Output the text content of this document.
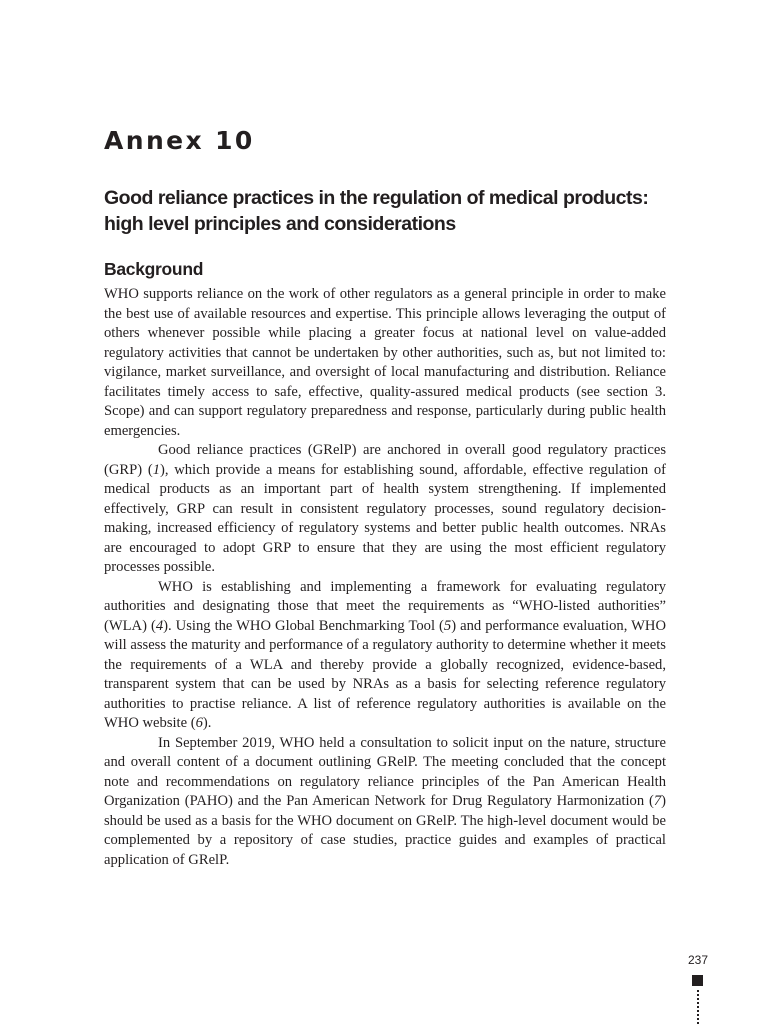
Annex 10
Good reliance practices in the regulation of medical products: high level principles and considerations
Background

WHO supports reliance on the work of other regulators as a general principle in order to make the best use of available resources and expertise. This principle allows leveraging the output of others whenever possible while placing a greater focus at national level on value-added regulatory activities that cannot be undertaken by other authorities, such as, but not limited to: vigilance, market surveillance, and oversight of local manufacturing and distribution. Reliance facilitates timely access to safe, effective, quality-assured medical products (see section 3. Scope) and can support regulatory preparedness and response, particularly during public health emergencies.

Good reliance practices (GRelP) are anchored in overall good regulatory practices (GRP) (1), which provide a means for establishing sound, affordable, effective regulation of medical products as an important part of health system strengthening. If implemented effectively, GRP can result in consistent regulatory processes, sound regulatory decision-making, increased efficiency of regulatory systems and better public health outcomes. NRAs are encouraged to adopt GRP to ensure that they are using the most efficient regulatory processes possible.

WHO is establishing and implementing a framework for evaluating regulatory authorities and designating those that meet the requirements as “WHO-listed authorities” (WLA) (4). Using the WHO Global Benchmarking Tool (5) and performance evaluation, WHO will assess the maturity and performance of a regulatory authority to determine whether it meets the requirements of a WLA and thereby provide a globally recognized, evidence-based, transparent system that can be used by NRAs as a basis for selecting reference regulatory authorities to practise reliance. A list of reference regulatory authorities is available on the WHO website (6).

In September 2019, WHO held a consultation to solicit input on the nature, structure and overall content of a document outlining GRelP. The meeting concluded that the concept note and recommendations on regulatory reliance principles of the Pan American Health Organization (PAHO) and the Pan American Network for Drug Regulatory Harmonization (7) should be used as a basis for the WHO document on GRelP. The high-level document would be complemented by a repository of case studies, practice guides and examples of practical application of GRelP.

237
